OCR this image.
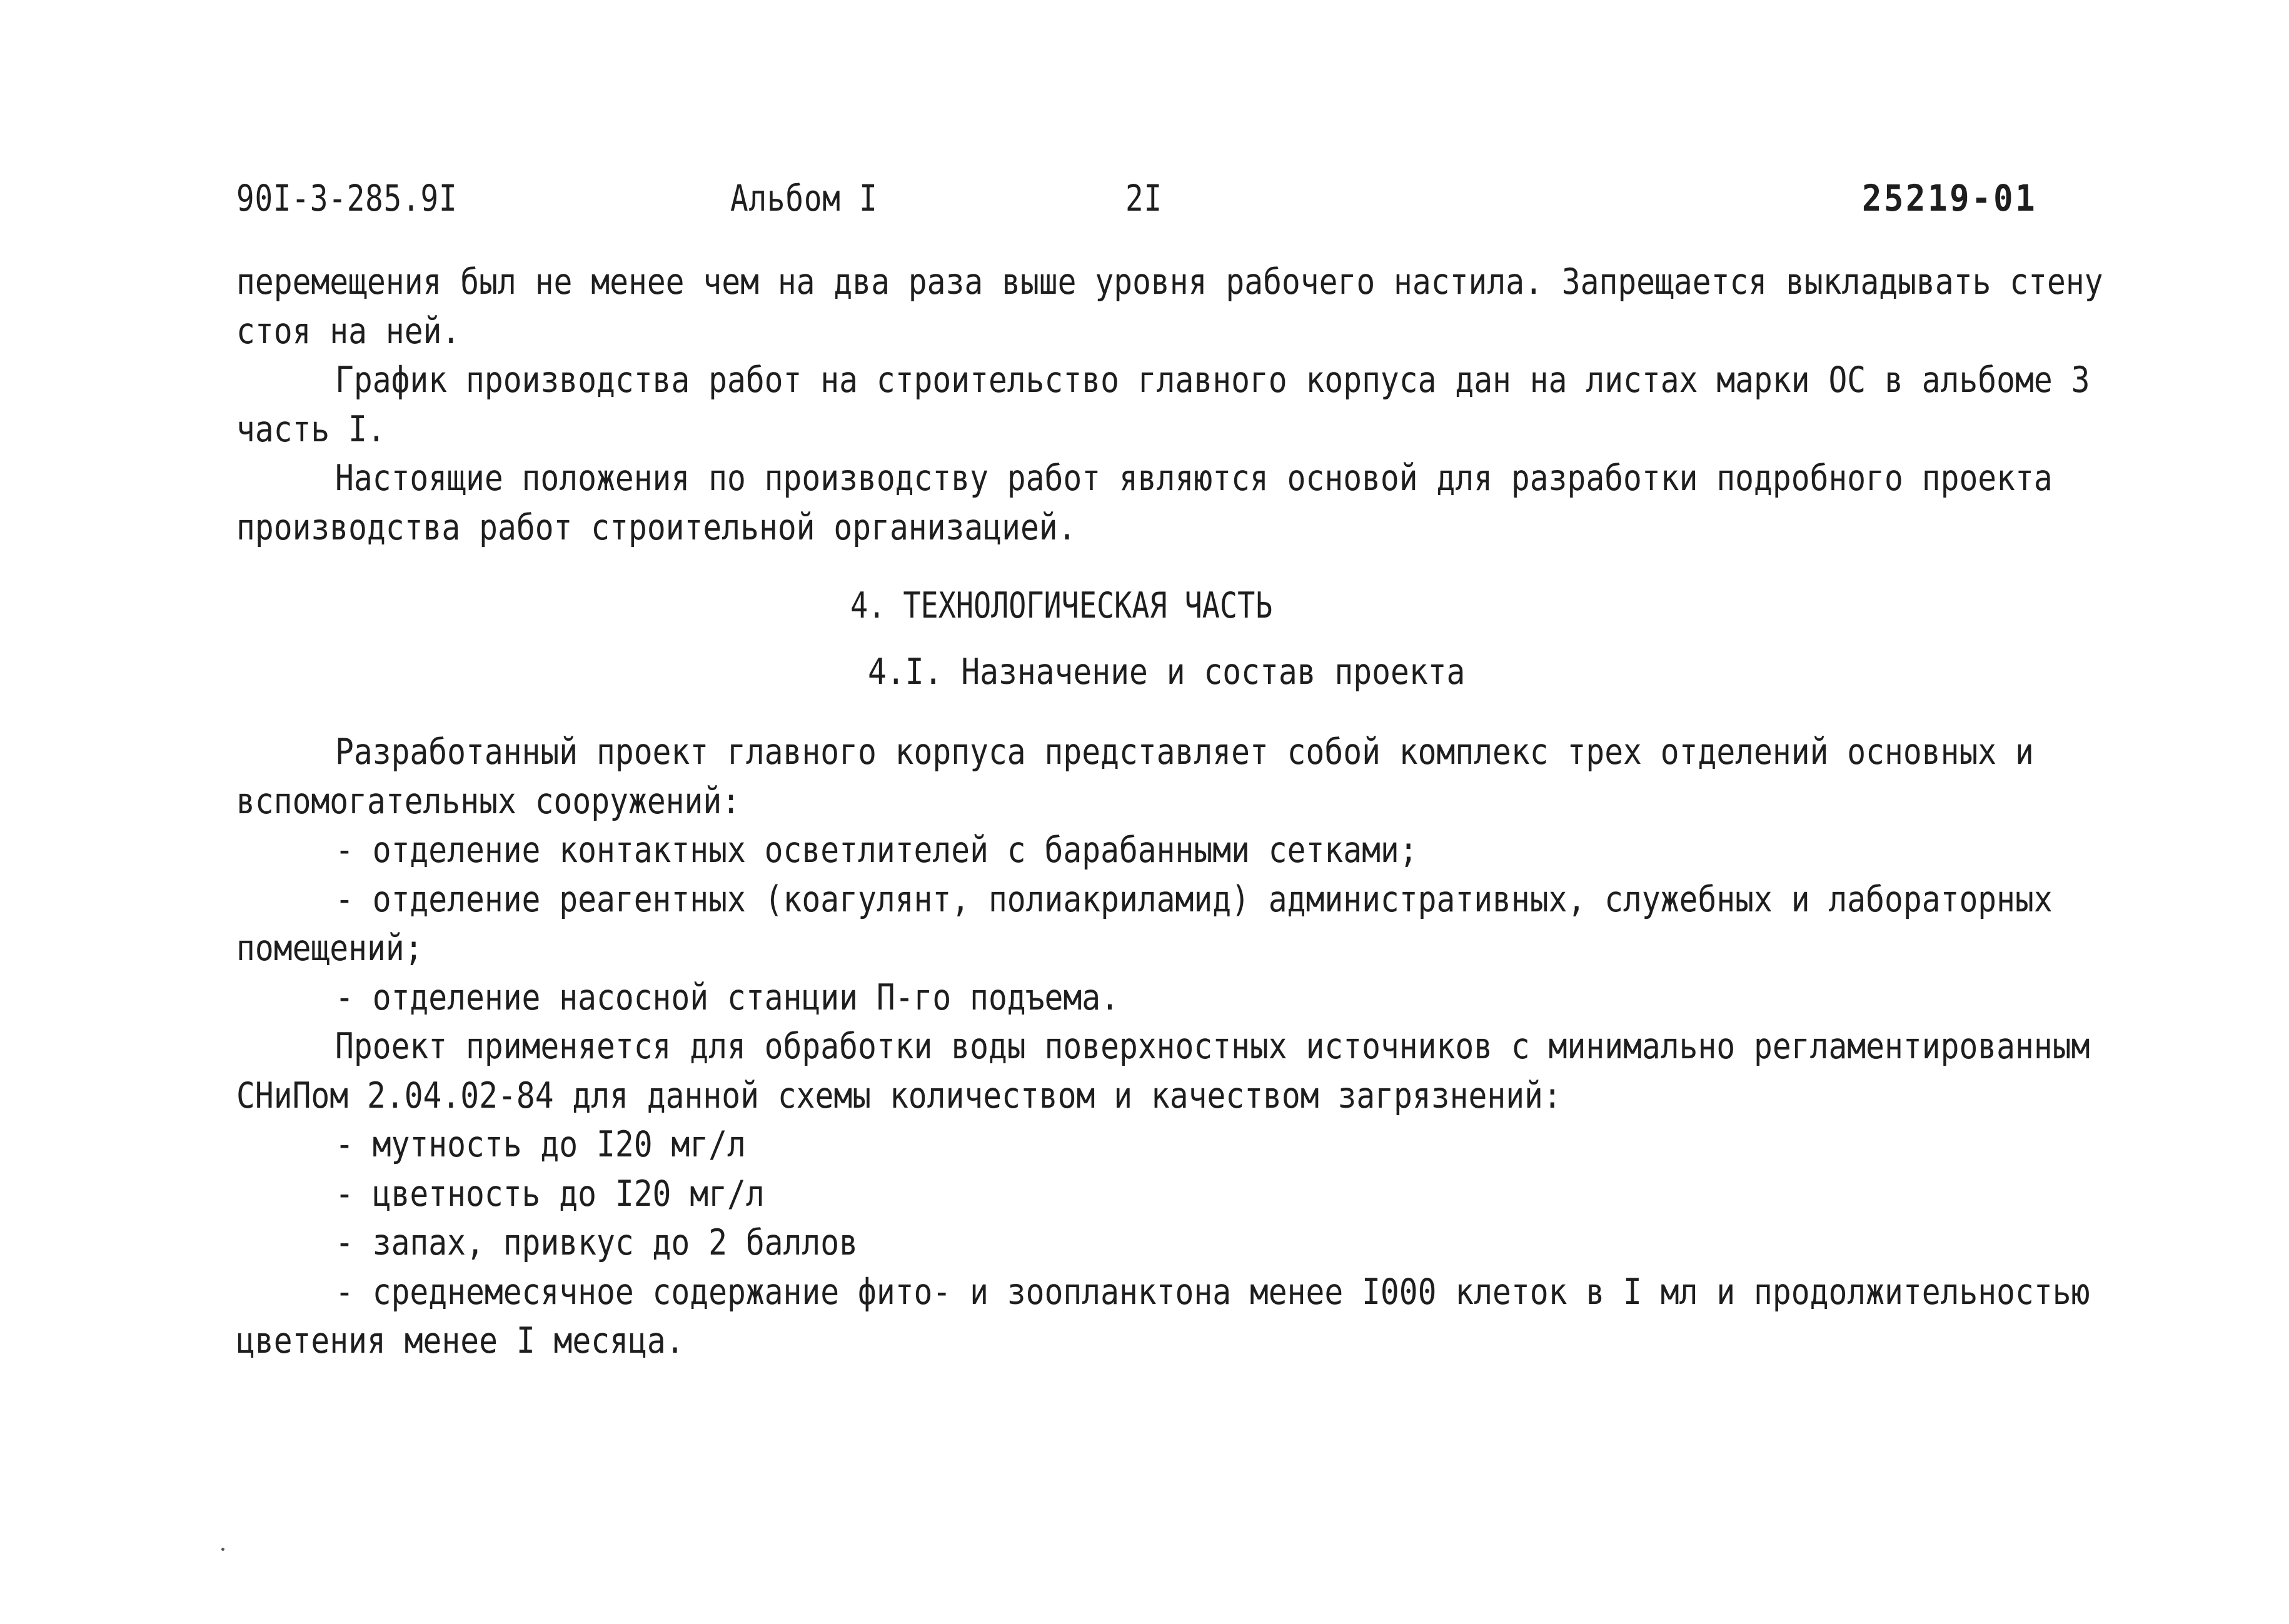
90I-3-285.9I	Альбом I	2I	25219-01
перемещения был не менее чем на два раза выше уровня рабочего настила. Запрещается выкладывать стену
стоя на ней.
График производства работ на строительство главного корпуса дан на листах марки ОС в альбоме 3
часть I.
Настоящие положения по производству работ являются основой для разработки подробного проекта
производства работ строительной организацией.
4. ТЕХНОЛОГИЧЕСКАЯ ЧАСТЬ
4.I. Назначение и состав проекта
Разработанный проект главного корпуса представляет собой комплекс трех отделений основных и
вспомогательных сооружений:
- отделение контактных осветлителей с барабанными сетками;
- отделение реагентных (коагулянт, полиакриламид) административных, служебных и лабораторных
помещений;
- отделение насосной станции П-го подъема.
Проект применяется для обработки воды поверхностных источников с минимально регламентированным
СНиПом 2.04.02-84 для данной схемы количеством и качеством загрязнений:
- мутность до I20 мг/л
- цветность до I20 мг/л
- запах, привкус до 2 баллов
- среднемесячное содержание фито- и зоопланктона менее I000 клеток в I мл и продолжительностью
цветения менее I месяца.
